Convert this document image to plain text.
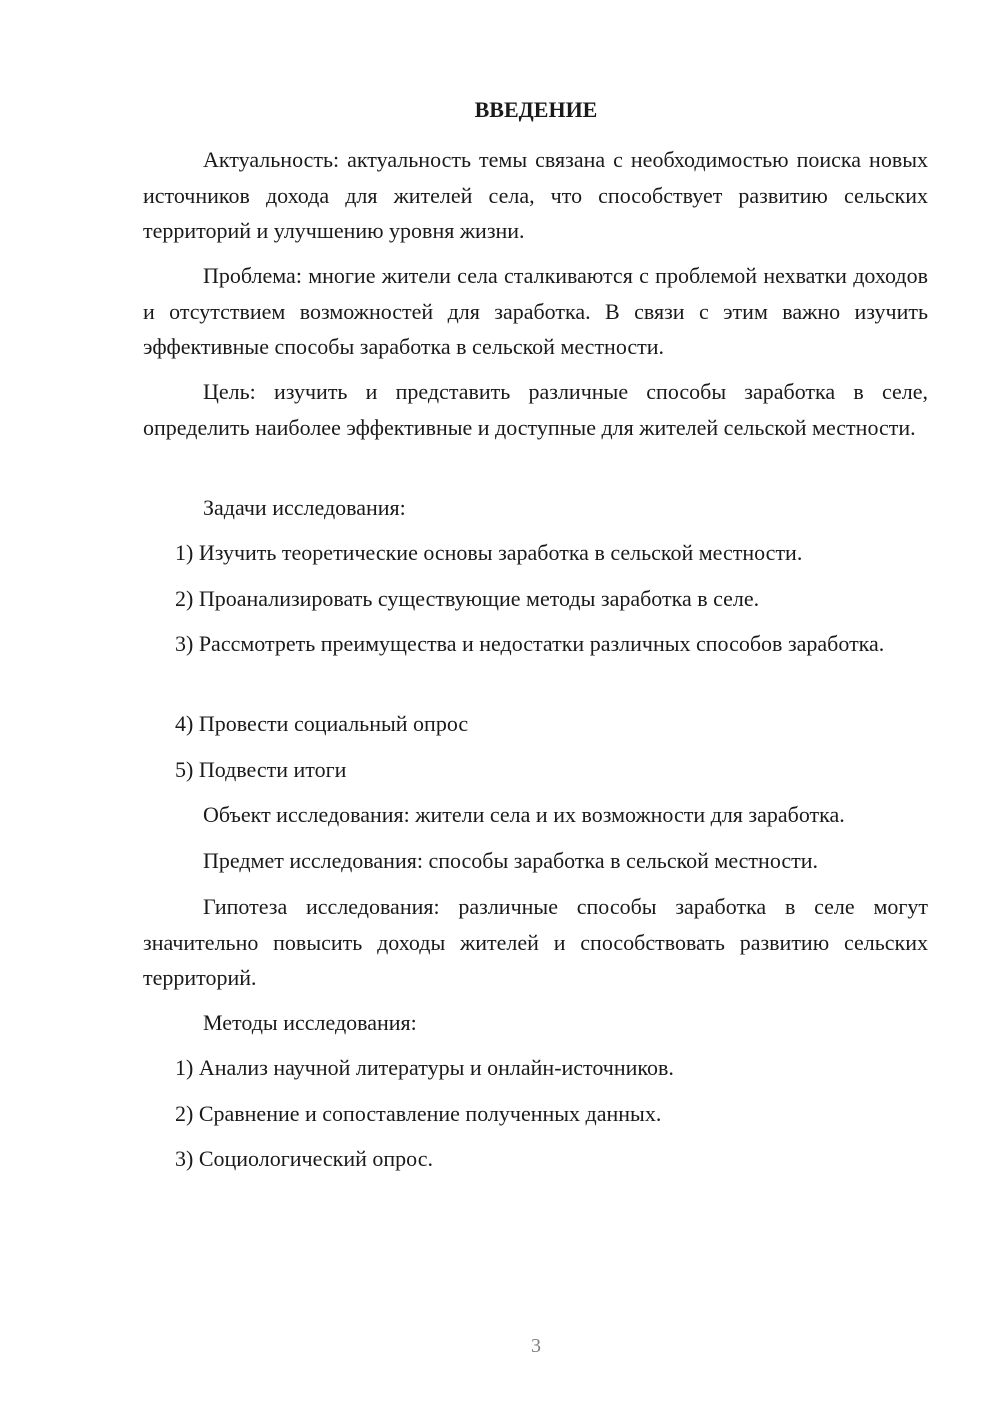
ВВЕДЕНИЕ

Актуальность: актуальность темы связана с необходимостью поиска новых источников дохода для жителей села, что способствует развитию сельских территорий и улучшению уровня жизни.

Проблема: многие жители села сталкиваются с проблемой нехватки доходов и отсутствием возможностей для заработка. В связи с этим важно изучить эффективные способы заработка в сельской местности.

Цель: изучить и представить различные способы заработка в селе, определить наиболее эффективные и доступные для жителей сельской местности.

Задачи исследования:

1) Изучить теоретические основы заработка в сельской местности.

2) Проанализировать существующие методы заработка в селе.

3) Рассмотреть преимущества и недостатки различных способов заработка.

4) Провести социальный опрос

5) Подвести итоги

Объект исследования: жители села и их возможности для заработка.

Предмет исследования: способы заработка в сельской местности.

Гипотеза исследования: различные способы заработка в селе могут значительно повысить доходы жителей и способствовать развитию сельских территорий.

Методы исследования:

1) Анализ научной литературы и онлайн-источников.

2) Сравнение и сопоставление полученных данных.

3) Социологический опрос.

3
